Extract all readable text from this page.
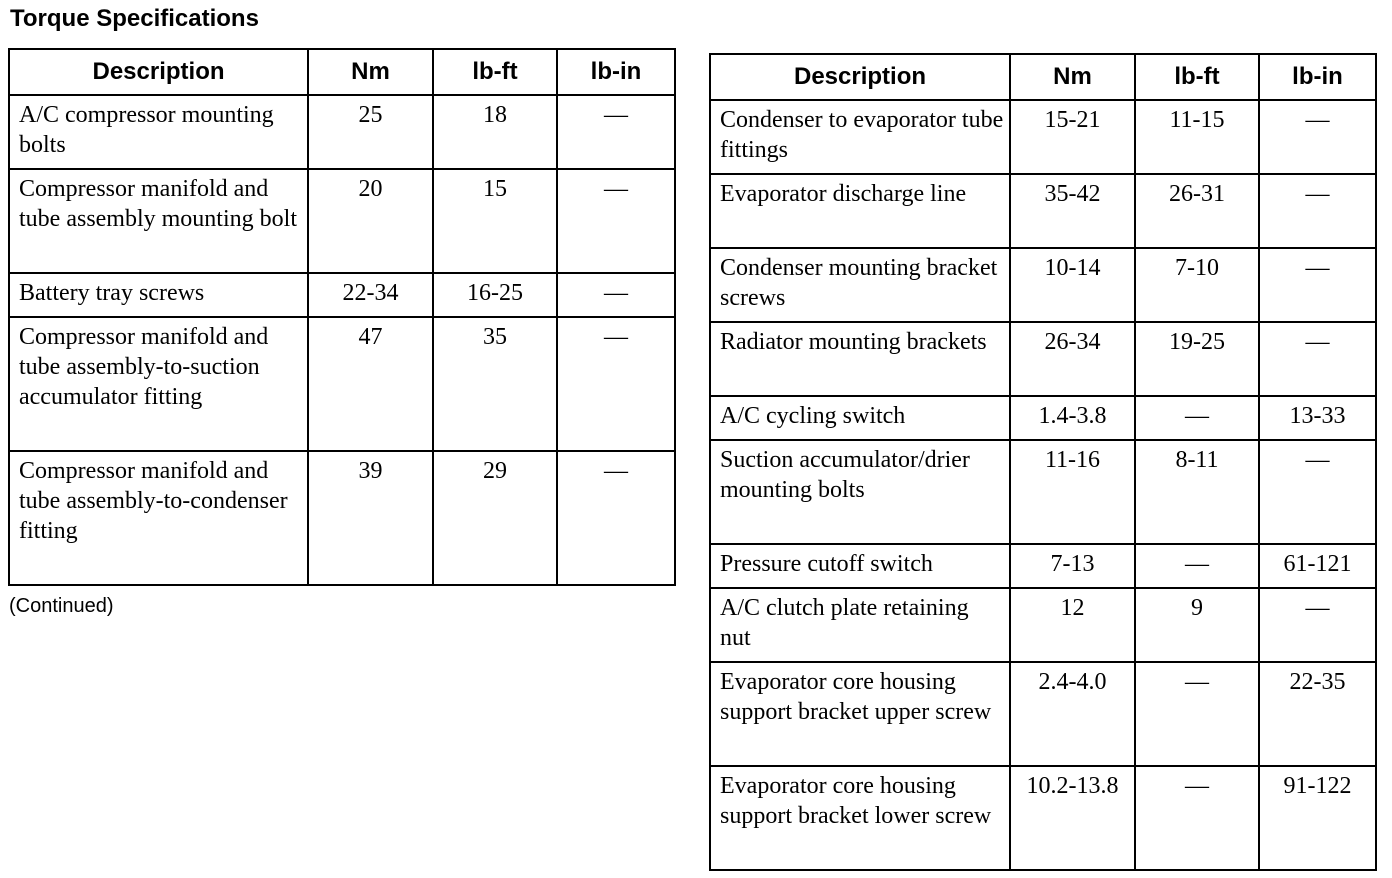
Torque Specifications
Description	Nm	lb-ft	lb-in
A/C compressor mounting bolts	25	18	—
Compressor manifold and tube assembly mounting bolt	20	15	—
Battery tray screws	22-34	16-25	—
Compressor manifold and tube assembly-to-suction accumulator fitting	47	35	—
Compressor manifold and tube assembly-to-condenser fitting	39	29	—
(Continued)
Description	Nm	lb-ft	lb-in
Condenser to evaporator tube fittings	15-21	11-15	—
Evaporator discharge line	35-42	26-31	—
Condenser mounting bracket screws	10-14	7-10	—
Radiator mounting brackets	26-34	19-25	—
A/C cycling switch	1.4-3.8	—	13-33
Suction accumulator/drier mounting bolts	11-16	8-11	—
Pressure cutoff switch	7-13	—	61-121
A/C clutch plate retaining nut	12	9	—
Evaporator core housing support bracket upper screw	2.4-4.0	—	22-35
Evaporator core housing support bracket lower screw	10.2-13.8	—	91-122
